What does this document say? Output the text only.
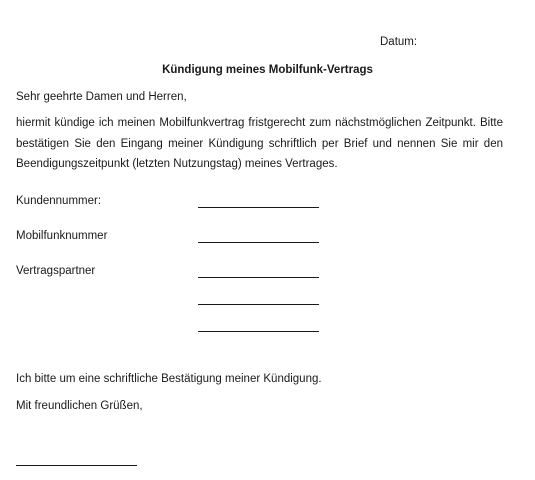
Datum:
Kündigung meines Mobilfunk-Vertrags
Sehr geehrte Damen und Herren,
hiermit kündige ich meinen Mobilfunkvertrag fristgerecht zum nächstmöglichen Zeitpunkt. Bitte bestätigen Sie den Eingang meiner Kündigung schriftlich per Brief und nennen Sie mir den Beendigungszeitpunkt (letzten Nutzungstag) meines Vertrages.
Kundennummer:
Mobilfunknummer
Vertragspartner
Ich bitte um eine schriftliche Bestätigung meiner Kündigung.
Mit freundlichen Grüßen,
